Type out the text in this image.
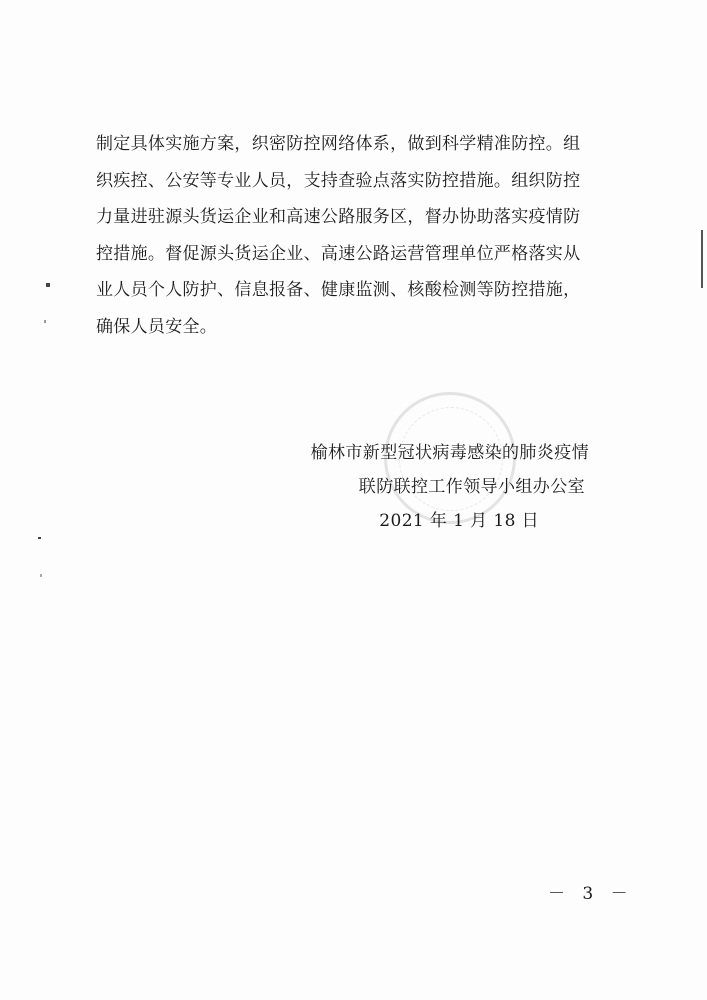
制定具体实施方案，织密防控网络体系，做到科学精准防控。组
织疾控、公安等专业人员，支持查验点落实防控措施。组织防控
力量进驻源头货运企业和高速公路服务区，督办协助落实疫情防
控措施。督促源头货运企业、高速公路运营管理单位严格落实从
业人员个人防护、信息报备、健康监测、核酸检测等防控措施，
确保人员安全。
榆林市新型冠状病毒感染的肺炎疫情
联防联控工作领导小组办公室
2021 年 1 月 18 日
－ 3 －
